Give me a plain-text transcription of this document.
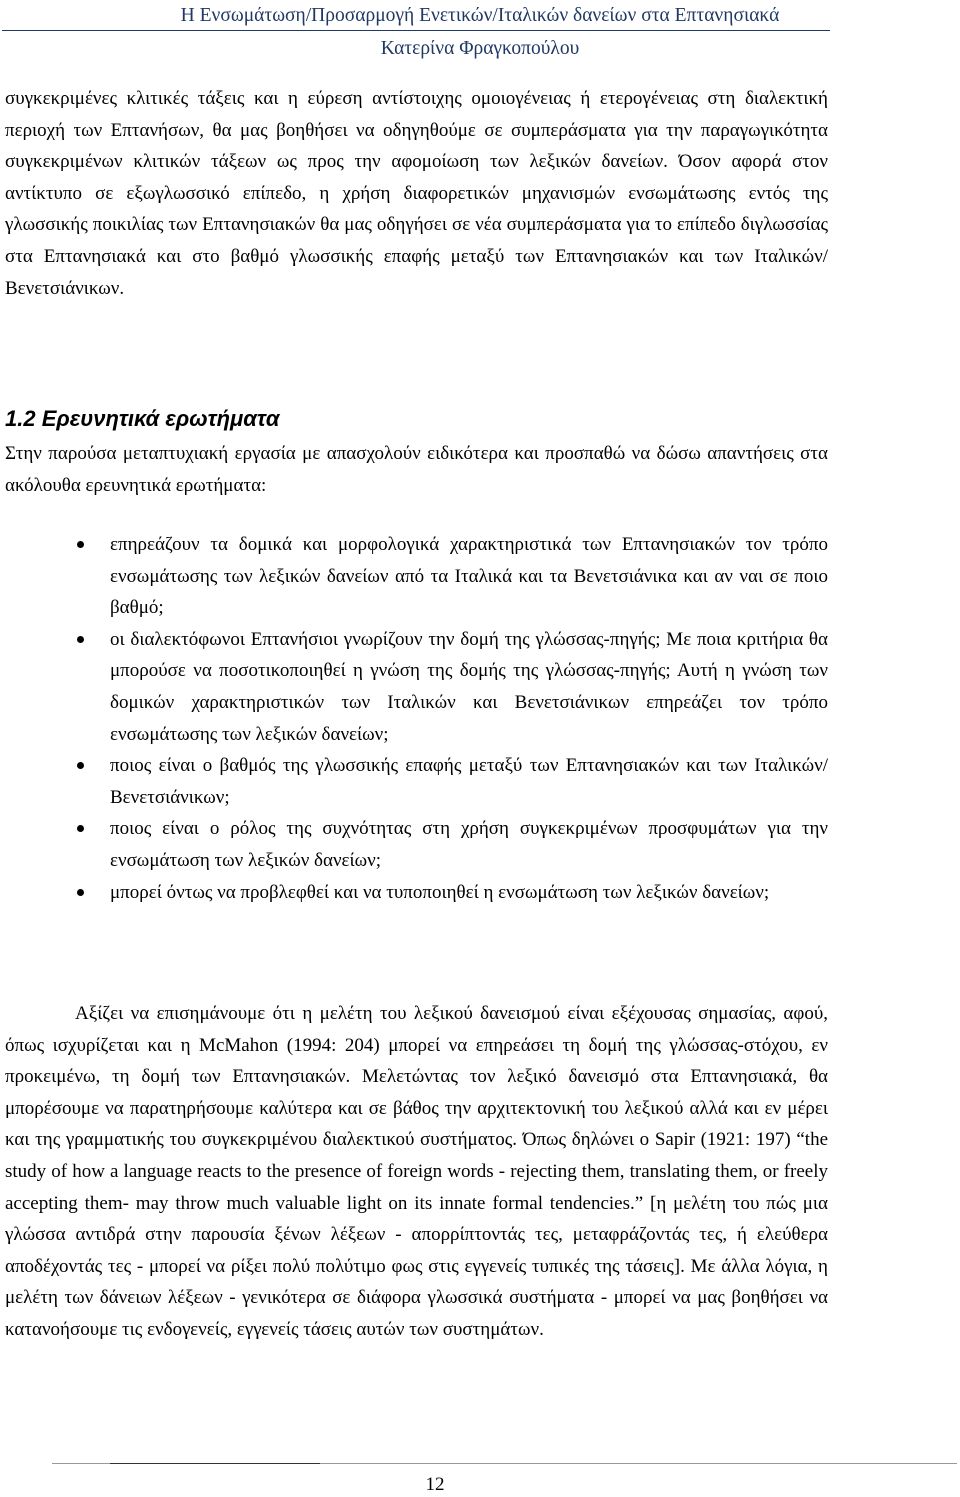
Η Ενσωμάτωση/Προσαρμογή Ενετικών/Ιταλικών δανείων στα Επτανησιακά
Κατερίνα Φραγκοπούλου

συγκεκριμένες κλιτικές τάξεις και η εύρεση αντίστοιχης ομοιογένειας ή ετερογένειας στη διαλεκτική περιοχή των Επτανήσων, θα μας βοηθήσει να οδηγηθούμε σε συμπεράσματα για την παραγωγικότητα συγκεκριμένων κλιτικών τάξεων ως προς την αφομοίωση των λεξικών δανείων. Όσον αφορά στον αντίκτυπο σε εξωγλωσσικό επίπεδο, η χρήση διαφορετικών μηχανισμών ενσωμάτωσης εντός της γλωσσικής ποικιλίας των Επτανησιακών θα μας οδηγήσει σε νέα συμπεράσματα για το επίπεδο διγλωσσίας στα Επτανησιακά και στο βαθμό γλωσσικής επαφής μεταξύ των Επτανησιακών και των Ιταλικών/Βενετσιάνικων.

1.2 Ερευνητικά ερωτήματα

Στην παρούσα μεταπτυχιακή εργασία με απασχολούν ειδικότερα και προσπαθώ να δώσω απαντήσεις στα ακόλουθα ερευνητικά ερωτήματα:

επηρεάζουν τα δομικά και μορφολογικά χαρακτηριστικά των Επτανησιακών τον τρόπο ενσωμάτωσης των λεξικών δανείων από τα Ιταλικά και τα Βενετσιάνικα και αν ναι σε ποιο βαθμό;
οι διαλεκτόφωνοι Επτανήσιοι γνωρίζουν την δομή της γλώσσας-πηγής; Με ποια κριτήρια θα μπορούσε να ποσοτικοποιηθεί η γνώση της δομής της γλώσσας-πηγής; Αυτή η γνώση των δομικών χαρακτηριστικών των Ιταλικών και Βενετσιάνικων επηρεάζει τον τρόπο ενσωμάτωσης των λεξικών δανείων;
ποιος είναι ο βαθμός της γλωσσικής επαφής μεταξύ των Επτανησιακών και των Ιταλικών/Βενετσιάνικων;
ποιος είναι ο ρόλος της συχνότητας στη χρήση συγκεκριμένων προσφυμάτων για την ενσωμάτωση των λεξικών δανείων;
μπορεί όντως να προβλεφθεί και να τυποποιηθεί η ενσωμάτωση των λεξικών δανείων;

Αξίζει να επισημάνουμε ότι η μελέτη του λεξικού δανεισμού είναι εξέχουσας σημασίας, αφού, όπως ισχυρίζεται και η McMahon (1994: 204) μπορεί να επηρεάσει τη δομή της γλώσσας-στόχου, εν προκειμένω, τη δομή των Επτανησιακών. Μελετώντας τον λεξικό δανεισμό στα Επτανησιακά, θα μπορέσουμε να παρατηρήσουμε καλύτερα και σε βάθος την αρχιτεκτονική του λεξικού αλλά και εν μέρει και της γραμματικής του συγκεκριμένου διαλεκτικού συστήματος. Όπως δηλώνει ο Sapir (1921: 197) “the study of how a language reacts to the presence of foreign words - rejecting them, translating them, or freely accepting them- may throw much valuable light on its innate formal tendencies.” [η μελέτη του πώς μια γλώσσα αντιδρά στην παρουσία ξένων λέξεων - απορρίπτοντάς τες, μεταφράζοντάς τες, ή ελεύθερα αποδέχοντάς τες - μπορεί να ρίξει πολύ πολύτιμο φως στις εγγενείς τυπικές της τάσεις]. Με άλλα λόγια, η μελέτη των δάνειων λέξεων - γενικότερα σε διάφορα γλωσσικά συστήματα - μπορεί να μας βοηθήσει να κατανοήσουμε τις ενδογενείς, εγγενείς τάσεις αυτών των συστημάτων.

12
